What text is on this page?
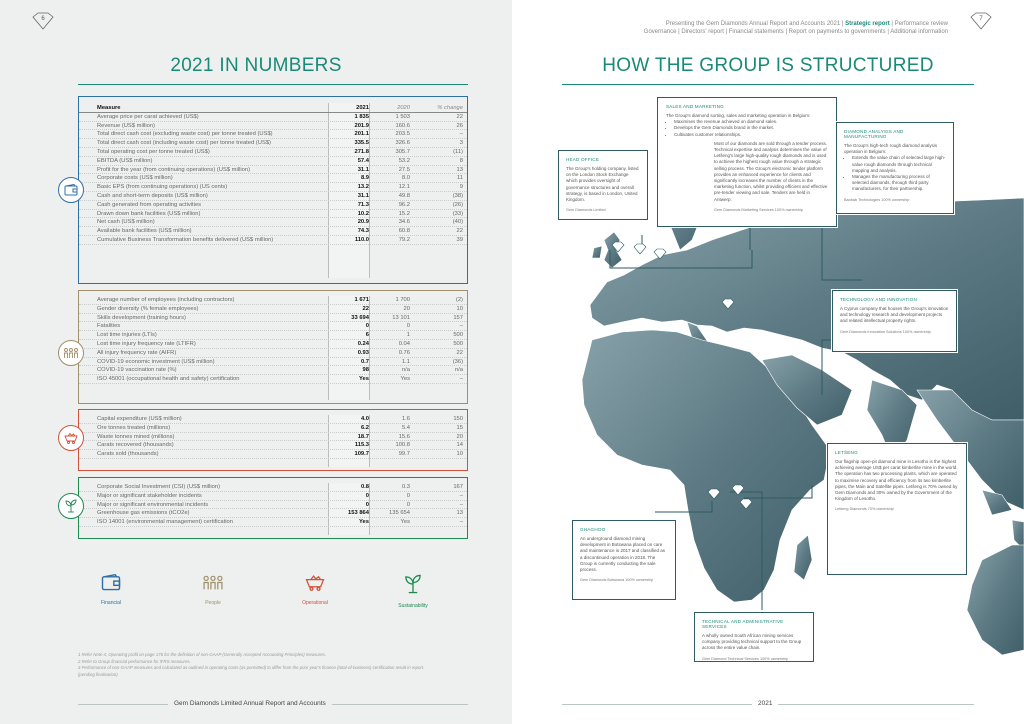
6
2021 IN NUMBERS
Measure	2021	2020	% change
Average price per carat achieved (US$)	1 835	1 503	22
Revenue (US$ million)	201.9	160.6	26
Total direct cash cost (excluding waste cost) per tonne treated (US$)	201.1	203.5	–
Total direct cash cost (including waste cost) per tonne treated (US$)	335.5	326.6	3
Total operating cost per tonne treated (US$)	271.8	305.7	(11)
EBITDA (US$ million)	57.4	53.2	8
Profit for the year (from continuing operations) (US$ million)	31.1	27.5	13
Corporate costs (US$ million)	8.9	8.0	11
Basic EPS (from continuing operations) (US cents)	13.2	12.1	9
Cash and short-term deposits (US$ million)	31.1	49.8	(38)
Cash generated from operating activities	71.3	96.2	(26)
Drawn down bank facilities (US$ million)	10.2	15.2	(33)
Net cash (US$ million)	20.9	34.6	(40)
Available bank facilities (US$ million)	74.3	60.8	22
Cumulative Business Transformation benefits delivered (US$ million)	110.0	79.2	39
Average number of employees (including contractors)	1 671	1 700	(2)
Gender diversity (% female employees)	22	20	10
Skills development (training hours)	33 694	13 101	157
Fatalities	0	0	–
Lost time injuries (LTIs)	6	1	500
Lost time injury frequency rate (LTIFR)	0.24	0.04	500
All injury frequency rate (AIFR)	0.93	0.76	22
COVID-19 economic investment (US$ million)	0.7	1.1	(36)
COVID-19 vaccination rate (%)	98	n/a	n/a
ISO 45001 (occupational health and safety) certification	Yes	Yes	–
Capital expenditure (US$ million)	4.0	1.6	150
Ore tonnes treated (millions)	6.2	5.4	15
Waste tonnes mined (millions)	18.7	15.6	20
Carats recovered (thousands)	115.3	100.8	14
Carats sold (thousands)	109.7	99.7	10
Corporate Social Investment (CSI) (US$ million)	0.8	0.3	167
Major or significant stakeholder incidents	0	0	–
Major or significant environmental incidents	0	0	–
Greenhouse gas emissions (tCO2e)	153 864	135 654	13
ISO 14001 (environmental management) certification	Yes	Yes	–
Financial	People	Operational	Sustainability

1 Refer Note 4, Operating profit on page 176 for the definition of non-GAAP (Generally Accepted Accounting Principles) measures.

2 Refer to Group financial performance for IFRS measures.

3 Performance of non-GAAP measures and calculated as outlined in operating costs (as permitted) to differ from the prior year's finance (total-of-business) certification result in report.

(pending finalisation)

Gem Diamonds Limited Annual Report and Accounts
7
Presenting the Gem Diamonds Annual Report and Accounts 2021 | Strategic report | Performance review
Governance | Directors' report | Financial statements | Report on payments to governments | Additional information
HOW THE GROUP IS STRUCTURED
SALES AND MARKETING
The Group's diamond sorting, sales and marketing operation in Belgium:
• Maximises the revenue achieved on diamond sales.
• Develops the Gem Diamonds brand in the market.
• Cultivates customer relationships.
Most of our diamonds are sold through a tender process. Technical expertise and analysis determines the value of Letšeng's large high-quality rough diamonds and is used to achieve the highest rough value through a strategic selling process. The Group's electronic tender platform provides an enhanced experience for clients and significantly increases the number of clients in the marketing function, whilst providing efficient and effective pre-tender viewing and sale. Tenders are held in Antwerp.
Gem Diamonds Marketing Services 100% ownership
HEAD OFFICE
The Group's holding company, listed on the London Stock Exchange which provides oversight of governance structures and overall strategy, is based in London, United Kingdom.
Gem Diamonds Limited
DIAMOND ANALYSIS AND MANUFACTURING
The Group's high-tech rough diamond analysis operation in Belgium:
• Extends the value chain of selected large high-value rough diamonds through technical mapping and analysis.
• Manages the manufacturing process of selected diamonds, through third party manufacturers, for their partnership.
Baobab Technologies 100% ownership
TECHNOLOGY AND INNOVATION
A Cyprus company that houses the Group's innovation and technology research and development projects and related intellectual property rights.
Gem Diamonds Innovation Solutions 100% ownership
LETŠENG
Our flagship open-pit diamond mine in Lesotho is the highest achieving average US$ per carat kimberlite mine in the world. The operation has two processing plants, which are operated to maximise recovery and efficiency from its two kimberlite pipes, the Main and Satellite pipes. Letšeng is 70% owned by Gem Diamonds and 30% owned by the Government of the Kingdom of Lesotho.
Letšeng Diamonds 70% ownership
GHAGHOO
An underground diamond mining development in Botswana placed on care and maintenance in 2017 and classified as a discontinued operation in 2018. The Group is currently conducting the sale process.
Gem Diamonds Botswana 100% ownership
TECHNICAL AND ADMINISTRATIVE SERVICES
A wholly owned South African mining services company providing technical support to the Group across the entire value chain.
Gem Diamond Technical Services 100% ownership
2021
